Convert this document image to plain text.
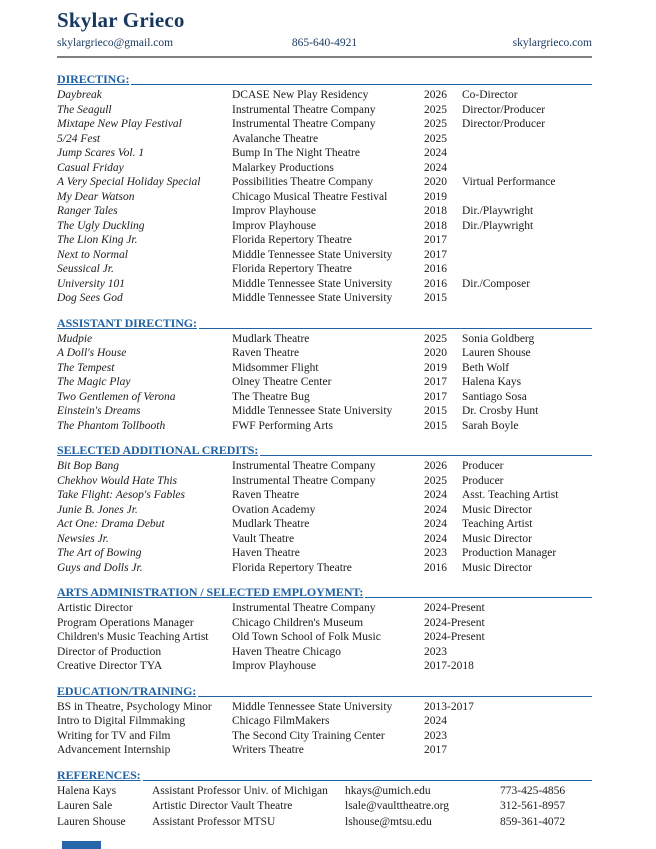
Skylar Grieco
skylargrieco@gmail.com	865-640-4921	skylargrieco.com
DIRECTING:
Daybreak	DCASE New Play Residency	2026	Co-Director
The Seagull	Instrumental Theatre Company	2025	Director/Producer
Mixtape New Play Festival	Instrumental Theatre Company	2025	Director/Producer
5/24 Fest	Avalanche Theatre	2025
Jump Scares Vol. 1	Bump In The Night Theatre	2024
Casual Friday	Malarkey Productions	2024
A Very Special Holiday Special	Possibilities Theatre Company	2020	Virtual Performance
My Dear Watson	Chicago Musical Theatre Festival	2019
Ranger Tales	Improv Playhouse	2018	Dir./Playwright
The Ugly Duckling	Improv Playhouse	2018	Dir./Playwright
The Lion King Jr.	Florida Repertory Theatre	2017
Next to Normal	Middle Tennessee State University	2017
Seussical Jr.	Florida Repertory Theatre	2016
University 101	Middle Tennessee State University	2016	Dir./Composer
Dog Sees God	Middle Tennessee State University	2015
ASSISTANT DIRECTING:
Mudpie	Mudlark Theatre	2025	Sonia Goldberg
A Doll's House	Raven Theatre	2020	Lauren Shouse
The Tempest	Midsommer Flight	2019	Beth Wolf
The Magic Play	Olney Theatre Center	2017	Halena Kays
Two Gentlemen of Verona	The Theatre Bug	2017	Santiago Sosa
Einstein's Dreams	Middle Tennessee State University	2015	Dr. Crosby Hunt
The Phantom Tollbooth	FWF Performing Arts	2015	Sarah Boyle
SELECTED ADDITIONAL CREDITS:
Bit Bop Bang	Instrumental Theatre Company	2026	Producer
Chekhov Would Hate This	Instrumental Theatre Company	2025	Producer
Take Flight: Aesop's Fables	Raven Theatre	2024	Asst. Teaching Artist
Junie B. Jones Jr.	Ovation Academy	2024	Music Director
Act One: Drama Debut	Mudlark Theatre	2024	Teaching Artist
Newsies Jr.	Vault Theatre	2024	Music Director
The Art of Bowing	Haven Theatre	2023	Production Manager
Guys and Dolls Jr.	Florida Repertory Theatre	2016	Music Director
ARTS ADMINISTRATION / SELECTED EMPLOYMENT:
Artistic Director	Instrumental Theatre Company	2024-Present
Program Operations Manager	Chicago Children's Museum	2024-Present
Children's Music Teaching Artist	Old Town School of Folk Music	2024-Present
Director of Production	Haven Theatre Chicago	2023
Creative Director TYA	Improv Playhouse	2017-2018
EDUCATION/TRAINING:
BS in Theatre, Psychology Minor	Middle Tennessee State University	2013-2017
Intro to Digital Filmmaking	Chicago FilmMakers	2024
Writing for TV and Film	The Second City Training Center	2023
Advancement Internship	Writers Theatre	2017
REFERENCES:
Halena Kays	Assistant Professor Univ. of Michigan	hkays@umich.edu	773-425-4856
Lauren Sale	Artistic Director Vault Theatre	lsale@vaulttheatre.org	312-561-8957
Lauren Shouse	Assistant Professor MTSU	lshouse@mtsu.edu	859-361-4072
